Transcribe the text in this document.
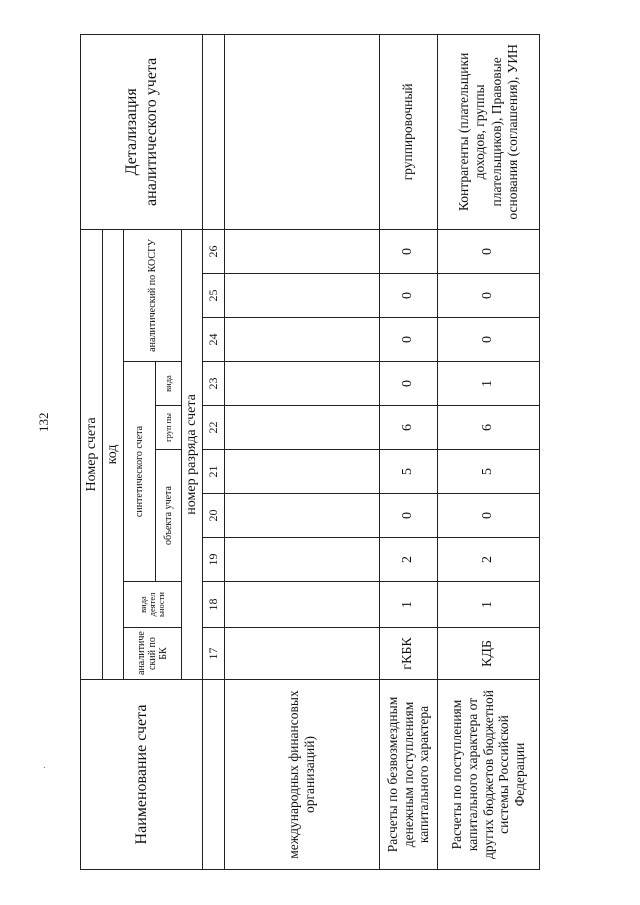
132
·	Наименование счета	Номер счета										Детализация аналитического учета
	код										
	аналитиче ский по БК	вида деятел ьности	синтетического счета					аналитический по КОСГУ			
			объекта учета			груп пы	вида				
	номер разряда счета										
	17	18	19	20	21	22	23	24	25	26	
международных финансовых организаций)											
Расчеты по безвозмездным денежным поступлениям капитального характера	гКБК	1	2	0	5	6	0	0	0	0	группировочный
Расчеты по поступлениям капитального характера от других бюджетов бюджетной системы Российской Федерации	КДБ	1	2	0	5	6	1	0	0	0	Контрагенты (плательщики доходов, группы плательщиков), Правовые основания (соглашения), УИН
